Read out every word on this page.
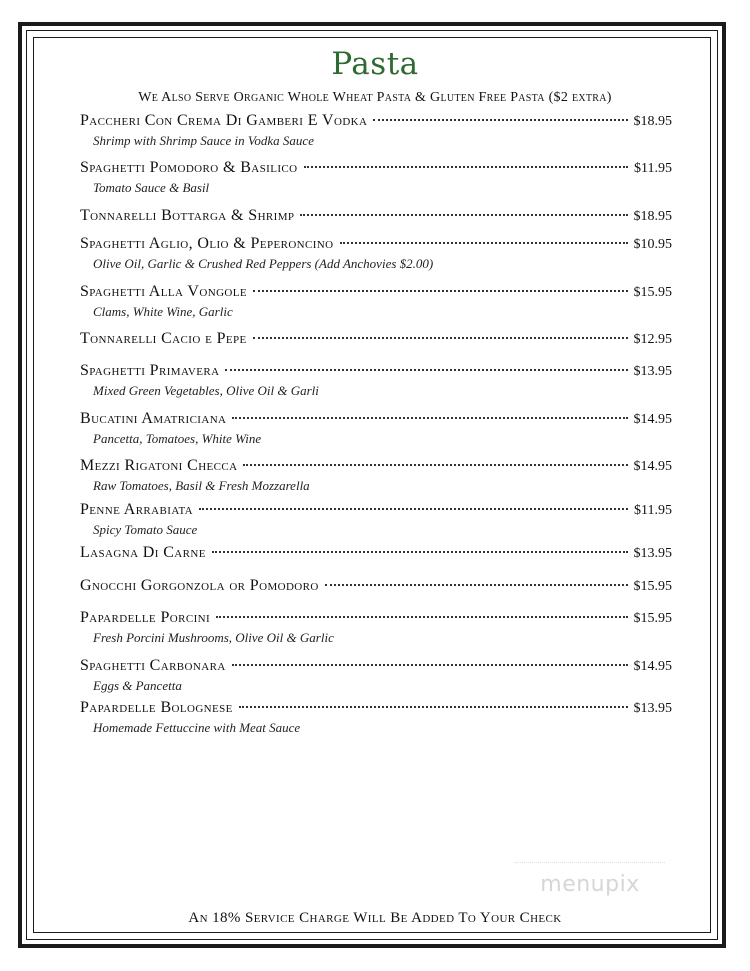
Pasta
We Also Serve Organic Whole Wheat Pasta & Gluten Free Pasta ($2 extra)
Paccheri Con Crema Di Gamberi E Vodka	$18.95
Shrimp with Shrimp Sauce in Vodka Sauce
Spaghetti Pomodoro & Basilico	$11.95
Tomato Sauce & Basil
Tonnarelli Bottarga & Shrimp	$18.95
Spaghetti Aglio, Olio & Peperoncino	$10.95
Olive Oil, Garlic & Crushed Red Peppers (Add Anchovies $2.00)
Spaghetti Alla Vongole	$15.95
Clams, White Wine, Garlic
Tonnarelli Cacio e Pepe	$12.95
Spaghetti Primavera	$13.95
Mixed Green Vegetables, Olive Oil & Garli
Bucatini Amatriciana	$14.95
Pancetta, Tomatoes, White Wine
Mezzi Rigatoni Checca	$14.95
Raw Tomatoes, Basil & Fresh Mozzarella
Penne Arrabiata	$11.95
Spicy Tomato Sauce
Lasagna Di Carne	$13.95
Gnocchi Gorgonzola or Pomodoro	$15.95
Papardelle Porcini	$15.95
Fresh Porcini Mushrooms, Olive Oil & Garlic
Spaghetti Carbonara	$14.95
Eggs & Pancetta
Papardelle Bolognese	$13.95
Homemade Fettuccine with Meat Sauce
menupix
An 18% Service Charge Will Be Added To Your Check
